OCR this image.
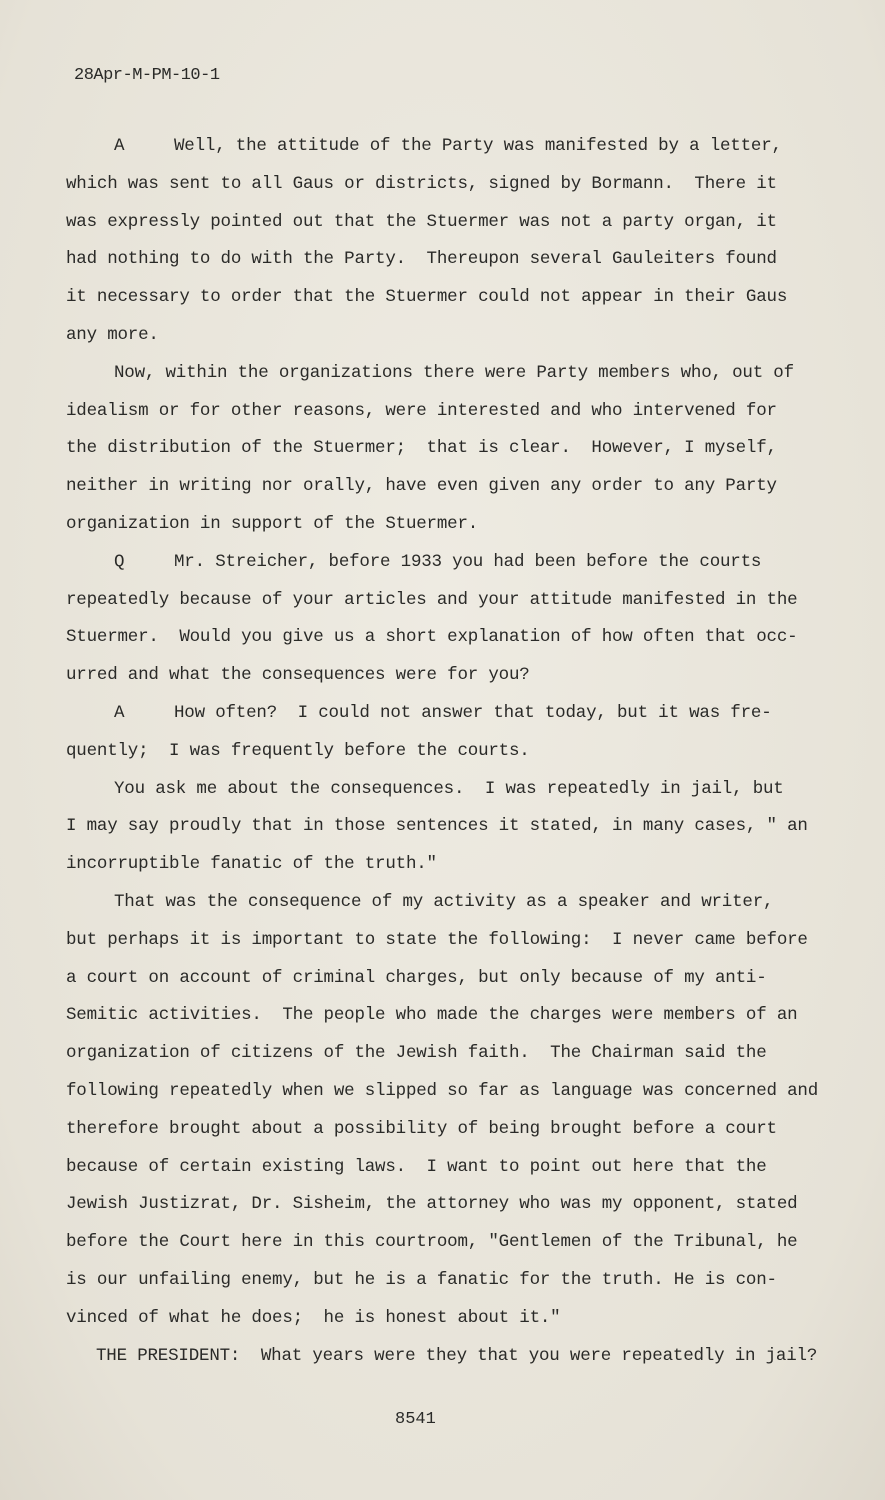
28Apr-M-PM-10-1
A	Well, the attitude of the Party was manifested by a letter,
which was sent to all Gaus or districts, signed by Bormann.  There it
was expressly pointed out that the Stuermer was not a party organ, it
had nothing to do with the Party.  Thereupon several Gauleiters found
it necessary to order that the Stuermer could not appear in their Gaus
any more.
Now, within the organizations there were Party members who, out of
idealism or for other reasons, were interested and who intervened for
the distribution of the Stuermer;  that is clear.  However, I myself,
neither in writing nor orally, have even given any order to any Party
organization in support of the Stuermer.
Q	Mr. Streicher, before 1933 you had been before the courts
repeatedly because of your articles and your attitude manifested in the
Stuermer.  Would you give us a short explanation of how often that occ-
urred and what the consequences were for you?
A	How often?  I could not answer that today, but it was fre-
quently;  I was frequently before the courts.
You ask me about the consequences.  I was repeatedly in jail, but
I may say proudly that in those sentences it stated, in many cases, " an
incorruptible fanatic of the truth."
That was the consequence of my activity as a speaker and writer,
but perhaps it is important to state the following:  I never came before
a court on account of criminal charges, but only because of my anti-
Semitic activities.  The people who made the charges were members of an
organization of citizens of the Jewish faith.  The Chairman said the
following repeatedly when we slipped so far as language was concerned and
therefore brought about a possibility of being brought before a court
because of certain existing laws.  I want to point out here that the
Jewish Justizrat, Dr. Sisheim, the attorney who was my opponent, stated
before the Court here in this courtroom, "Gentlemen of the Tribunal, he
is our unfailing enemy, but he is a fanatic for the truth. He is con-
vinced of what he does;  he is honest about it."
THE PRESIDENT: What years were they that you were repeatedly in jail?
8541
